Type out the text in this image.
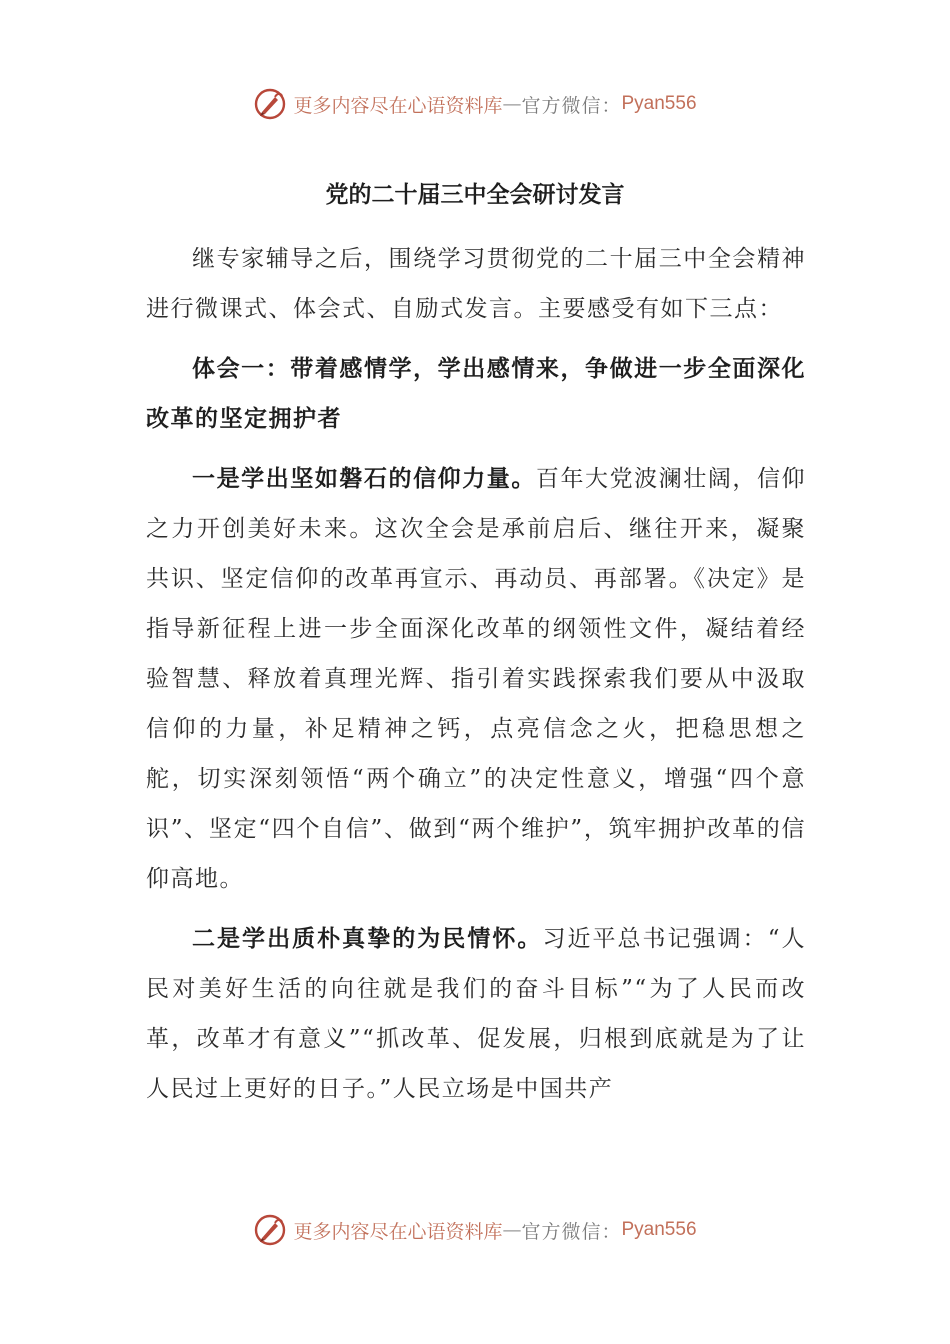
更多内容尽在心语资料库 — 官方微信： Pyan556
党的二十届三中全会研讨发言

继专家辅导之后，围绕学习贯彻党的二十届三中全会精神进行微课式、体会式、自励式发言。主要感受有如下三点：

体会一：带着感情学，学出感情来，争做进一步全面深化改革的坚定拥护者

一是学出坚如磐石的信仰力量。百年大党波澜壮阔，信仰之力开创美好未来。这次全会是承前启后、继往开来，凝聚共识、坚定信仰的改革再宣示、再动员、再部署。《决定》是指导新征程上进一步全面深化改革的纲领性文件，凝结着经验智慧、释放着真理光辉、指引着实践探索我们要从中汲取信仰的力量，补足精神之钙，点亮信念之火，把稳思想之舵，切实深刻领悟“两个确立”的决定性意义，增强“四个意识”、坚定“四个自信”、做到“两个维护”，筑牢拥护改革的信仰高地。

二是学出质朴真挚的为民情怀。习近平总书记强调：“人民对美好生活的向往就是我们的奋斗目标”“为了人民而改革，改革才有意义”“抓改革、促发展，归根到底就是为了让人民过上更好的日子。”人民立场是中国共产

更多内容尽在心语资料库 — 官方微信： Pyan556
